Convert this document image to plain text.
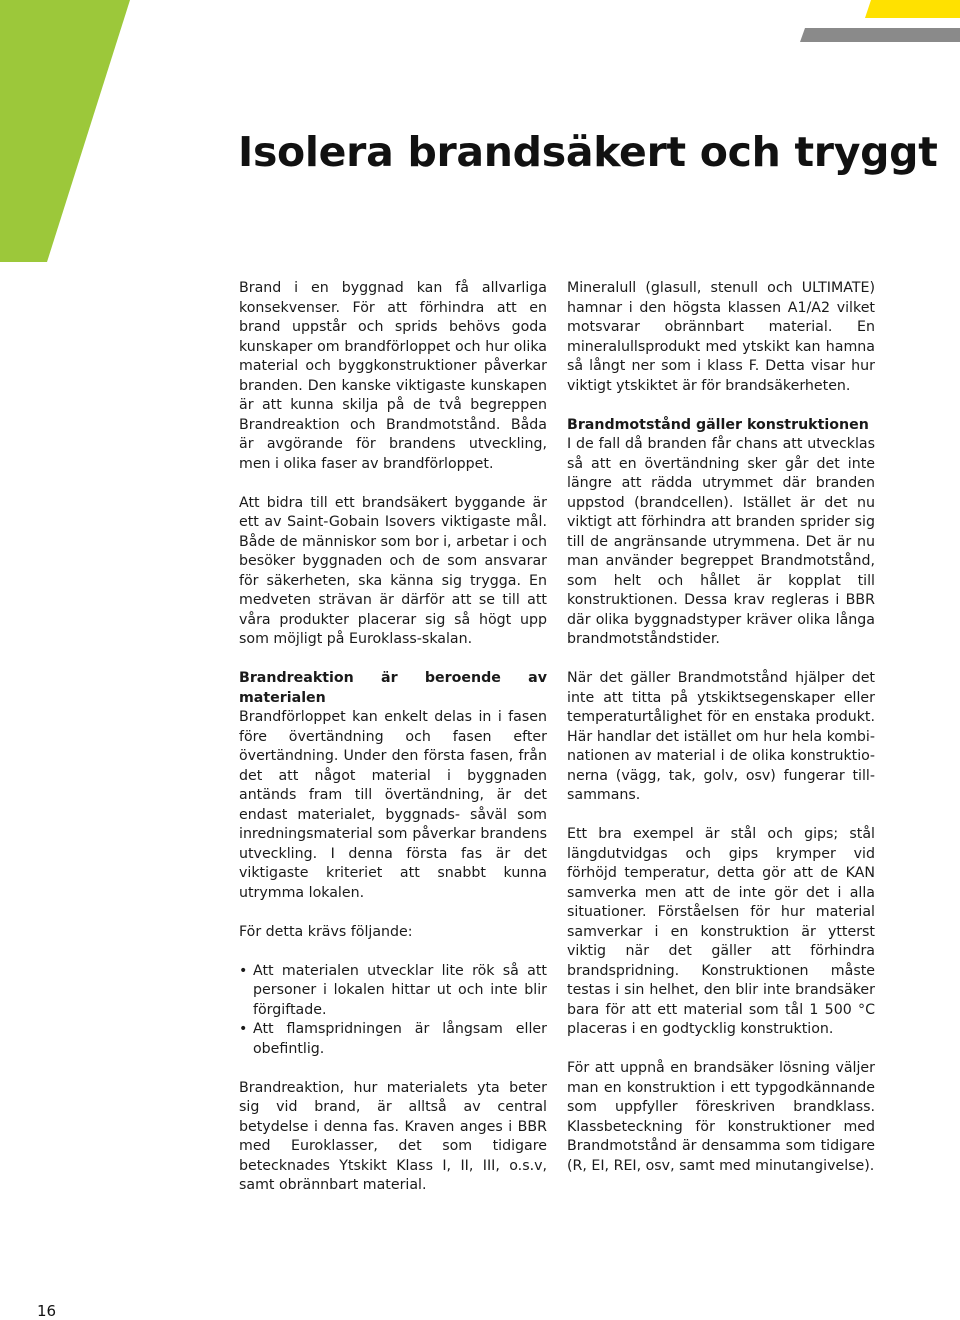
Isolera brandsäkert och tryggt

Brand i en byggnad kan få allvarliga konsekvenser. För att förhindra att en brand uppstår och sprids behövs goda kunskaper om brandförloppet och hur olika material och byggkonstruktioner påverkar branden. Den kanske viktigaste kunskapen är att kunna skilja på de två begreppen Brandreaktion och Brandmotstånd. Båda är avgörande för brandens utveckling, men i olika faser av brandförloppet.

Att bidra till ett brandsäkert byggande är ett av Saint-Gobain Isovers viktigaste mål. Både de människor som bor i, arbetar i och besöker byggnaden och de som ansvarar för säkerheten, ska känna sig trygga. En medveten strävan är därför att se till att våra produkter placerar sig så högt upp som möjligt på Euroklass-skalan.

Brandreaktion är beroende av materialen

Brandförloppet kan enkelt delas in i fasen före övertändning och fasen efter övertändning. Under den första fasen, från det att något material i byggnaden antänds fram till övertändning, är det endast materialet, byggnads- såväl som inredningsmaterial som påverkar brandens utveckling. I denna första fas är det viktigaste kriteriet att snabbt kunna utrymma lokalen.

För detta krävs följande:

• Att materialen utvecklar lite rök så att personer i lokalen hittar ut och inte blir förgiftade.
• Att flamspridningen är långsam eller obefintlig.

Brandreaktion, hur materialets yta beter sig vid brand, är alltså av central betydelse i denna fas. Kraven anges i BBR med Euroklasser, det som tidigare betecknades Ytskikt Klass I, II, III, o.s.v, samt obrännbart material.

Mineralull (glasull, stenull och ULTIMATE) hamnar i den högsta klassen A1/A2 vilket motsvarar obrännbart material. En mineralullsprodukt med ytskikt kan hamna så långt ner som i klass F. Detta visar hur viktigt ytskiktet är för brandsäkerheten.

Brandmotstånd gäller konstruktionen

I de fall då branden får chans att utvecklas så att en övertändning sker går det inte längre att rädda utrymmet där branden uppstod (brandcellen). Istället är det nu viktigt att förhindra att branden sprider sig till de angränsande utrymmena. Det är nu man använder begreppet Brandmotstånd, som helt och hållet är kopplat till konstruktionen. Dessa krav regleras i BBR där olika byggnadstyper kräver olika långa brandmotståndstider.

När det gäller Brandmotstånd hjälper det inte att titta på ytskiktsegenskaper eller temperaturtålighet för en enstaka produkt. Här handlar det istället om hur hela kombinationen av material i de olika konstruktionerna (vägg, tak, golv, osv) fungerar tillsammans.

Ett bra exempel är stål och gips; stål längdutvidgas och gips krymper vid förhöjd temperatur, detta gör att de KAN samverka men att de inte gör det i alla situationer. Förståelsen för hur material samverkar i en konstruktion är ytterst viktig när det gäller att förhindra brandspridning. Konstruktionen måste testas i sin helhet, den blir inte brandsäker bara för att ett material som tål 1 500 °C placeras i en godtycklig konstruktion.

För att uppnå en brandsäker lösning väljer man en konstruktion i ett typgodkännande som uppfyller föreskriven brandklass. Klassbeteckning för konstruktioner med Brandmotstånd är densamma som tidigare (R, EI, REI, osv, samt med minutangivelse).

16
